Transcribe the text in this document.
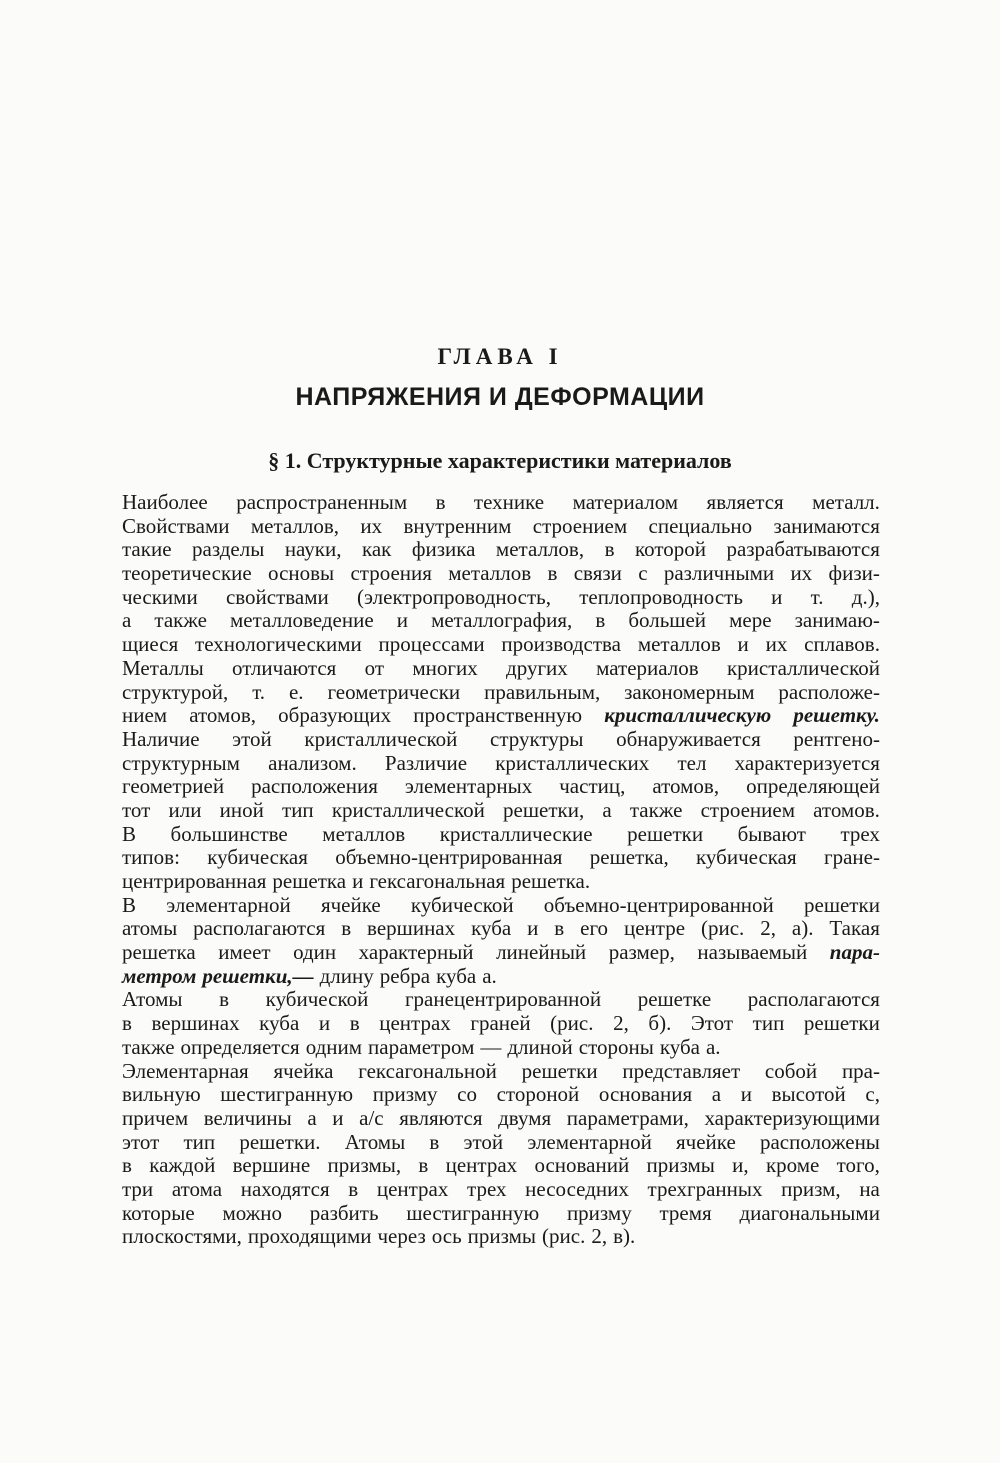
ГЛАВА I
НАПРЯЖЕНИЯ И ДЕФОРМАЦИИ
§ 1. Структурные характеристики материалов
Наиболее распространенным в технике материалом является металл.
Свойствами металлов, их внутренним строением специально занимаются
такие разделы науки, как физика металлов, в которой разрабатываются
теоретические основы строения металлов в связи с различными их физи-
ческими свойствами (электропроводность, теплопроводность и т. д.),
а также металловедение и металлография, в большей мере занимаю-
щиеся технологическими процессами производства металлов и их сплавов.
Металлы отличаются от многих других материалов кристаллической
структурой, т. е. геометрически правильным, закономерным расположе-
нием атомов, образующих пространственную кристаллическую решетку.
Наличие этой кристаллической структуры обнаруживается рентгено-
структурным анализом. Различие кристаллических тел характеризуется
геометрией расположения элементарных частиц, атомов, определяющей
тот или иной тип кристаллической решетки, а также строением атомов.
В большинстве металлов кристаллические решетки бывают трех
типов: кубическая объемно-центрированная решетка, кубическая гране-
центрированная решетка и гексагональная решетка.
В элементарной ячейке кубической объемно-центрированной решетки
атомы располагаются в вершинах куба и в его центре (рис. 2, а). Такая
решетка имеет один характерный линейный размер, называемый пара-
метром решетки,— длину ребра куба а.
Атомы в кубической гранецентрированной решетке располагаются
в вершинах куба и в центрах граней (рис. 2, б). Этот тип решетки
также определяется одним параметром — длиной стороны куба а.
Элементарная ячейка гексагональной решетки представляет собой пра-
вильную шестигранную призму со стороной основания а и высотой с,
причем величины а и а/с являются двумя параметрами, характеризующими
этот тип решетки. Атомы в этой элементарной ячейке расположены
в каждой вершине призмы, в центрах оснований призмы и, кроме того,
три атома находятся в центрах трех несоседних трехгранных призм, на
которые можно разбить шестигранную призму тремя диагональными
плоскостями, проходящими через ось призмы (рис. 2, в).
